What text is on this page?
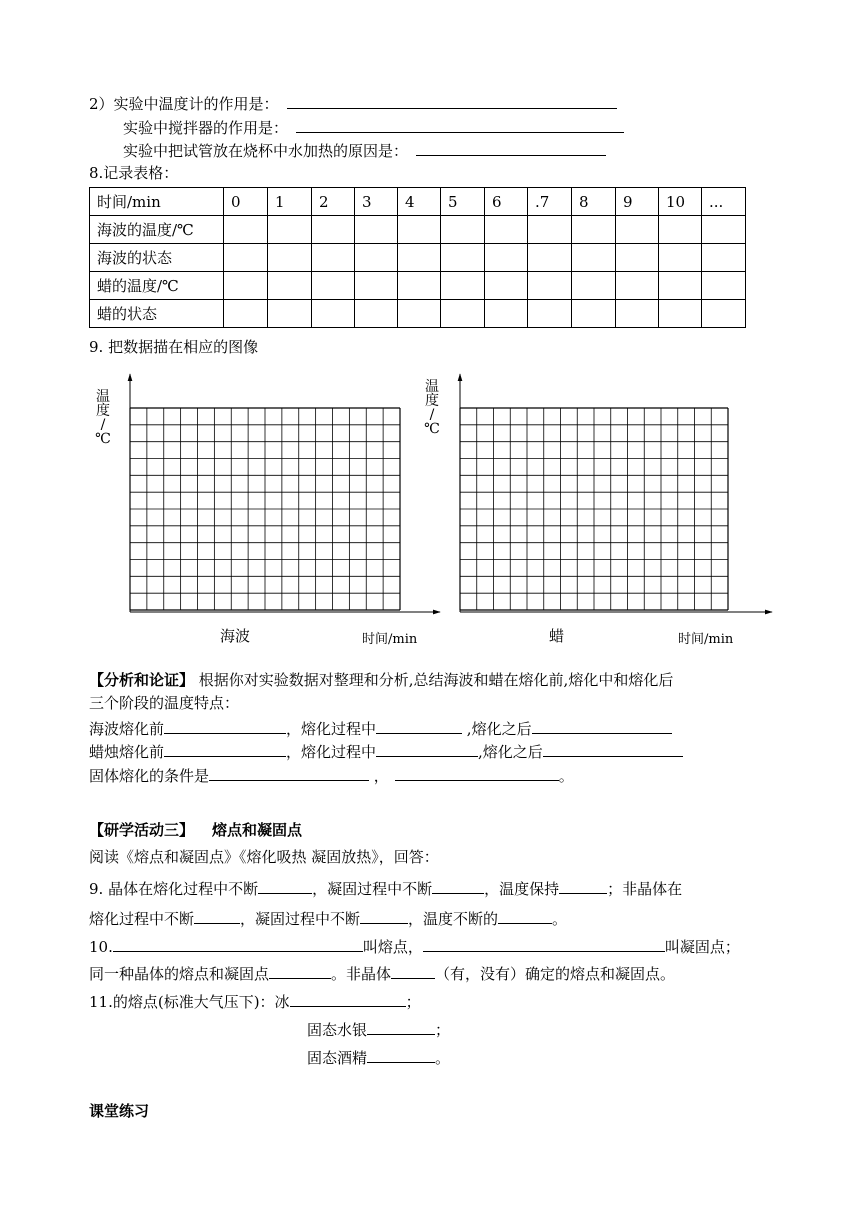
2）实验中温度计的作用是：
实验中搅拌器的作用是：
实验中把试管放在烧杯中水加热的原因是：
8.记录表格：
时间/min	0	1	2	3	4	5	6	.7	8	9	10	...
海波的温度/℃												
海波的状态												
蜡的温度/℃												
蜡的状态												
9. 把数据描在相应的图像
温
度
/
℃
温
度
/
℃
海波	时间/min	蜡	时间/min
【分析和论证】 根据你对实验数据对整理和分析,总结海波和蜡在熔化前,熔化中和熔化后
三个阶段的温度特点：
海波熔化前	，熔化过程中	,熔化之后
蜡烛熔化前	，熔化过程中	,熔化之后
固体熔化的条件是	，	。
【研学活动三】 熔点和凝固点
阅读《熔点和凝固点》《熔化吸热 凝固放热》，回答：
9. 晶体在熔化过程中不断	，凝固过程中不断	，温度保持	；非晶体在
熔化过程中不断	，凝固过程中不断	，温度不断的	。
10.	叫熔点，	叫凝固点；
同一种晶体的熔点和凝固点	。非晶体	（有，没有）确定的熔点和凝固点。
11.的熔点(标准大气压下)：冰	；
固态水银	；
固态酒精	。
课堂练习
